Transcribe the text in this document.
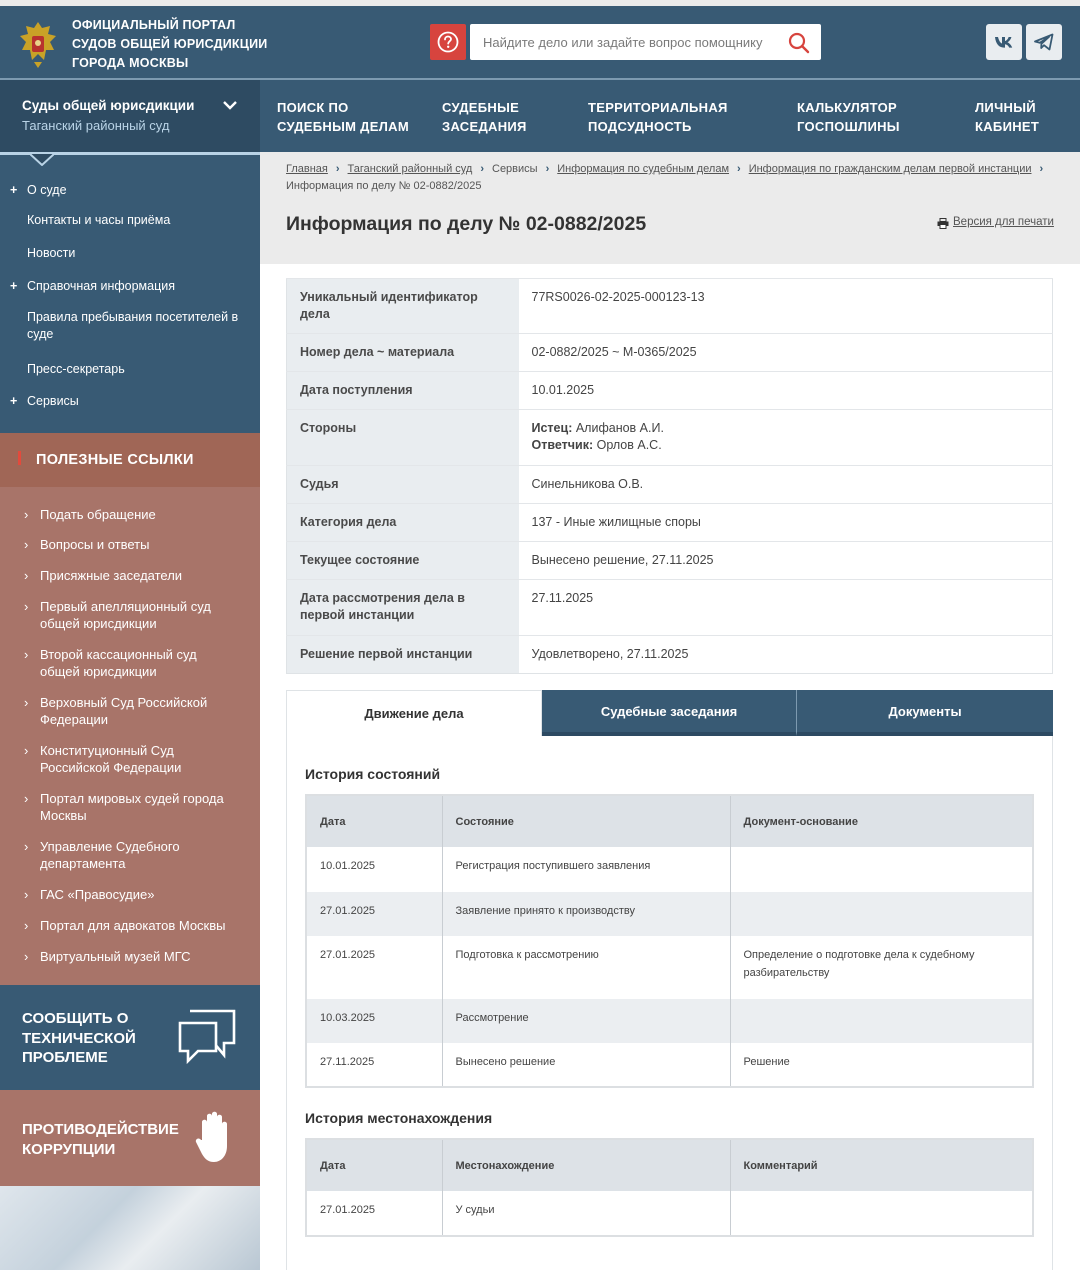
ОФИЦИАЛЬНЫЙ ПОРТАЛ
СУДОВ ОБЩЕЙ ЮРИСДИКЦИИ
ГОРОДА МОСКВЫ
Найдите дело или задайте вопрос помощнику
Суды общей юрисдикции
Таганский районный суд
ПОИСК ПО
СУДЕБНЫМ ДЕЛАМ
СУДЕБНЫЕ
ЗАСЕДАНИЯ
ТЕРРИТОРИАЛЬНАЯ
ПОДСУДНОСТЬ
КАЛЬКУЛЯТОР
ГОСПОШЛИНЫ
ЛИЧНЫЙ
КАБИНЕТ
+ О суде
Контакты и часы приёма
Новости
+ Справочная информация
Правила пребывания посетителей в суде
Пресс-секретарь
+ Сервисы
ПОЛЕЗНЫЕ ССЫЛКИ
› Подать обращение
› Вопросы и ответы
› Присяжные заседатели
› Первый апелляционный суд
общей юрисдикции
› Второй кассационный суд
общей юрисдикции
› Верховный Суд Российской
Федерации
› Конституционный Суд
Российской Федерации
› Портал мировых судей города
Москвы
› Управление Судебного
департамента
› ГАС «Правосудие»
› Портал для адвокатов Москвы
› Виртуальный музей МГС
СООБЩИТЬ О
ТЕХНИЧЕСКОЙ
ПРОБЛЕМЕ
ПРОТИВОДЕЙСТВИЕ
КОРРУПЦИИ
Главная › Таганский районный суд › Сервисы › Информация по судебным делам › Информация по гражданским делам первой инстанции ›
Информация по делу № 02-0882/2025
Информация по делу № 02-0882/2025	Версия для печати
Уникальный идентификатор дела	77RS0026-02-2025-000123-13
Номер дела ~ материала	02-0882/2025 ~ М-0365/2025
Дата поступления	10.01.2025
Стороны	Истец: Алифанов А.И.
Ответчик: Орлов А.С.

Судья	Синельникова О.В.
Категория дела	137 - Иные жилищные споры
Текущее состояние	Вынесено решение, 27.11.2025
Дата рассмотрения дела в первой инстанции	27.11.2025
Решение первой инстанции	Удовлетворено, 27.11.2025
Движение дела	Судебные заседания	Документы
История состояний
Дата	Состояние	Документ-основание
10.01.2025	Регистрация поступившего заявления	
27.01.2025	Заявление принято к производству	
27.01.2025	Подготовка к рассмотрению	Определение о подготовке дела к судебному разбирательству
10.03.2025	Рассмотрение	
27.11.2025	Вынесено решение	Решение
История местонахождения
Дата	Местонахождение	Комментарий
27.01.2025	У судьи	
